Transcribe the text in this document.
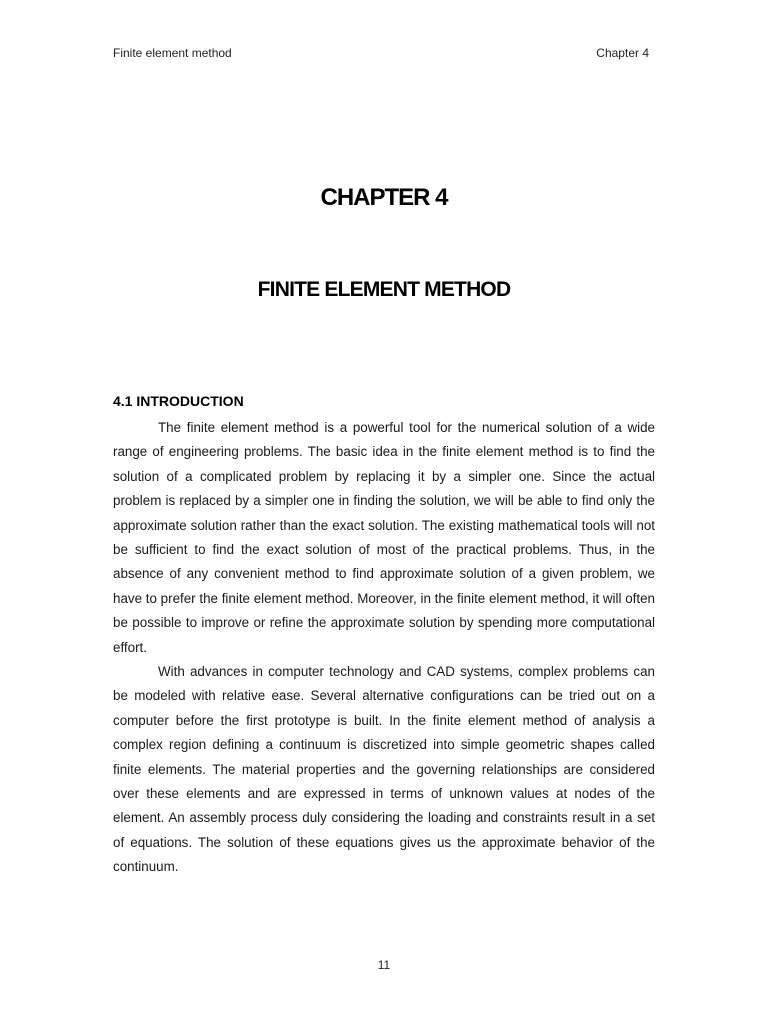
Finite element method	Chapter 4
CHAPTER 4
FINITE ELEMENT METHOD
4.1 INTRODUCTION

The finite element method is a powerful tool for the numerical solution of a wide range of engineering problems. The basic idea in the finite element method is to find the solution of a complicated problem by replacing it by a simpler one. Since the actual problem is replaced by a simpler one in finding the solution, we will be able to find only the approximate solution rather than the exact solution. The existing mathematical tools will not be sufficient to find the exact solution of most of the practical problems. Thus, in the absence of any convenient method to find approximate solution of a given problem, we have to prefer the finite element method. Moreover, in the finite element method, it will often be possible to improve or refine the approximate solution by spending more computational effort.

With advances in computer technology and CAD systems, complex problems can be modeled with relative ease. Several alternative configurations can be tried out on a computer before the first prototype is built. In the finite element method of analysis a complex region defining a continuum is discretized into simple geometric shapes called finite elements. The material properties and the governing relationships are considered over these elements and are expressed in terms of unknown values at nodes of the element. An assembly process duly considering the loading and constraints result in a set of equations. The solution of these equations gives us the approximate behavior of the continuum.

11
